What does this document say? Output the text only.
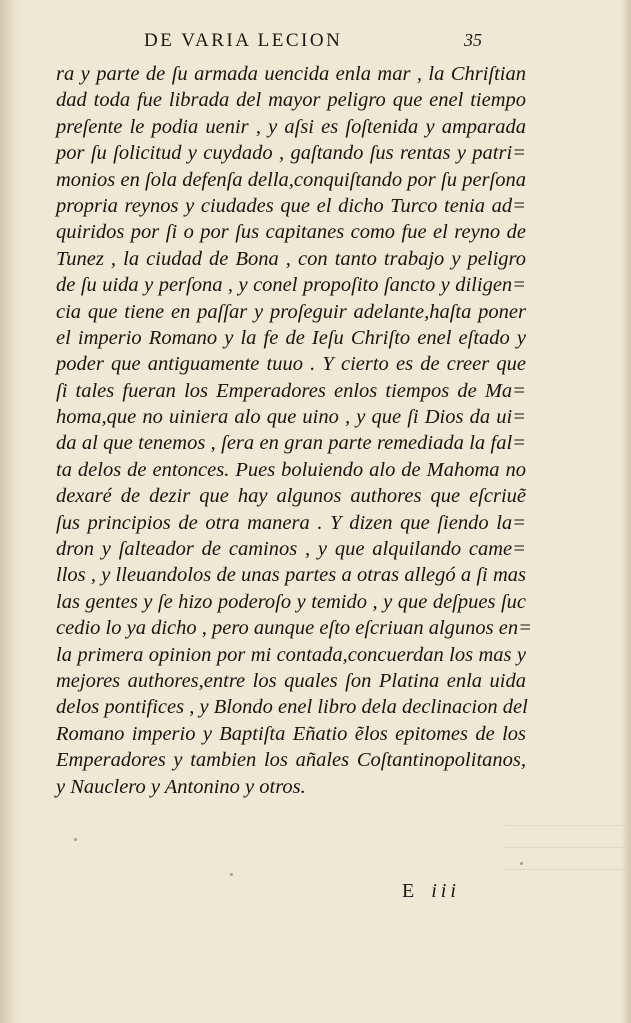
DE VARIA LECION	35
ra y parte de ſu armada uencida enla mar , la Chriſtian
dad toda fue librada del mayor peligro que enel tiempo
preſente le podia uenir , y aſsi es ſoſtenida y amparada
por ſu ſolicitud y cuydado , gaſtando ſus rentas y patri=
monios en ſola defenſa della,conquiſtando por ſu perſona
propria reynos y ciudades que el dicho Turco tenia ad=
quiridos por ſi o por ſus capitanes como fue el reyno de
Tunez , la ciudad de Bona , con tanto trabajo y peligro
de ſu uida y perſona , y conel propoſito ſancto y diligen=
cia que tiene en paſſar y proſeguir adelante,haſta poner
el imperio Romano y la fe de Ieſu Chriſto enel eſtado y
poder que antiguamente tuuo . Y cierto es de creer que
ſi tales fueran los Emperadores enlos tiempos de Ma=
homa,que no uiniera alo que uino , y que ſi Dios da ui=
da al que tenemos , ſera en gran parte remediada la fal=
ta delos de entonces. Pues boluiendo alo de Mahoma no
dexaré de dezir que hay algunos authores que eſcriuẽ
ſus principios de otra manera . Y dizen que ſiendo la=
dron y ſalteador de caminos , y que alquilando came=
llos , y lleuandolos de unas partes a otras allegó a ſi mas
las gentes y ſe hizo poderoſo y temido , y que deſpues ſuc
cedio lo ya dicho , pero aunque eſto eſcriuan algunos en=
la primera opinion por mi contada,concuerdan los mas y
mejores authores,entre los quales ſon Platina enla uida
delos pontifices , y Blondo enel libro dela declinacion del
Romano imperio y Baptiſta Eñatio ẽlos epitomes de los
Emperadores y tambien los añales Coſtantinopolitanos,
y Nauclero y Antonino y otros.
E iii
